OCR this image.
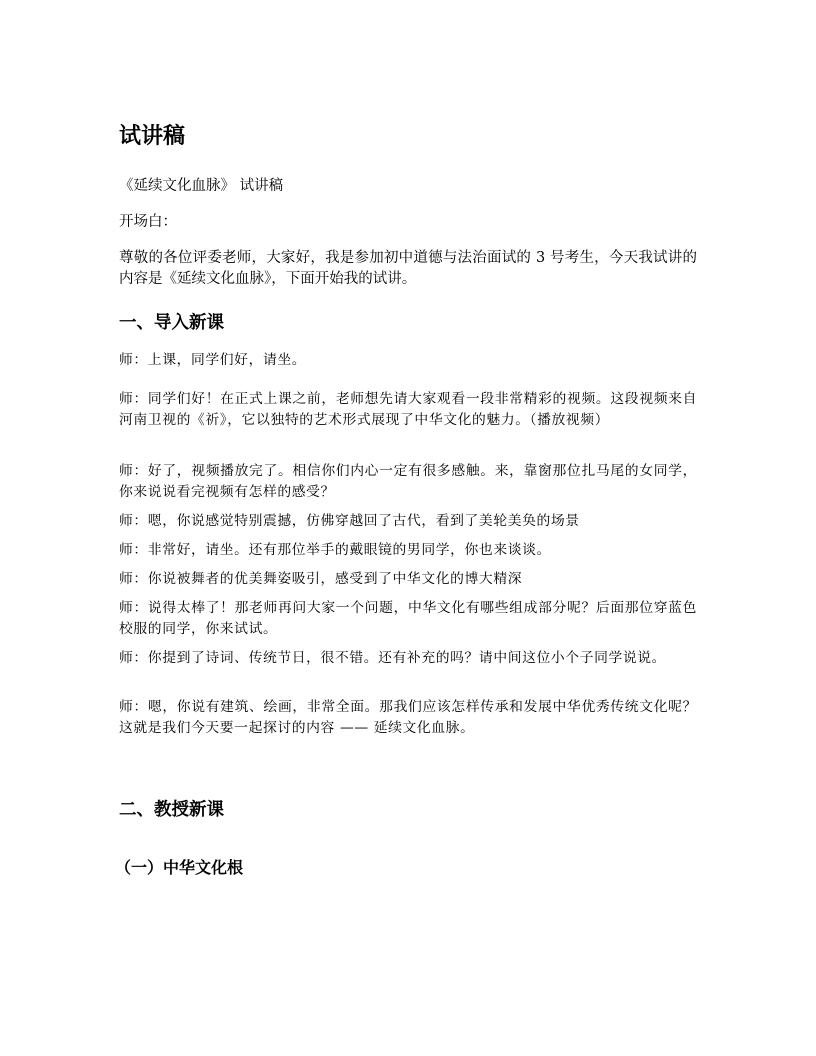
试讲稿

《延续文化血脉》 试讲稿

开场白：

尊敬的各位评委老师，大家好，我是参加初中道德与法治面试的 3 号考生，今天我试讲的内容是《延续文化血脉》，下面开始我的试讲。

一、导入新课

师：上课，同学们好，请坐。

师：同学们好！在正式上课之前，老师想先请大家观看一段非常精彩的视频。这段视频来自河南卫视的《祈》，它以独特的艺术形式展现了中华文化的魅力。（播放视频）

师：好了，视频播放完了。相信你们内心一定有很多感触。来，靠窗那位扎马尾的女同学，你来说说看完视频有怎样的感受？

师：嗯，你说感觉特别震撼，仿佛穿越回了古代，看到了美轮美奂的场景

师：非常好，请坐。还有那位举手的戴眼镜的男同学，你也来谈谈。

师：你说被舞者的优美舞姿吸引，感受到了中华文化的博大精深

师：说得太棒了！那老师再问大家一个问题，中华文化有哪些组成部分呢？后面那位穿蓝色校服的同学，你来试试。

师：你提到了诗词、传统节日，很不错。还有补充的吗？请中间这位小个子同学说说。

师：嗯，你说有建筑、绘画，非常全面。那我们应该怎样传承和发展中华优秀传统文化呢？这就是我们今天要一起探讨的内容 —— 延续文化血脉。

二、教授新课
（一）中华文化根
